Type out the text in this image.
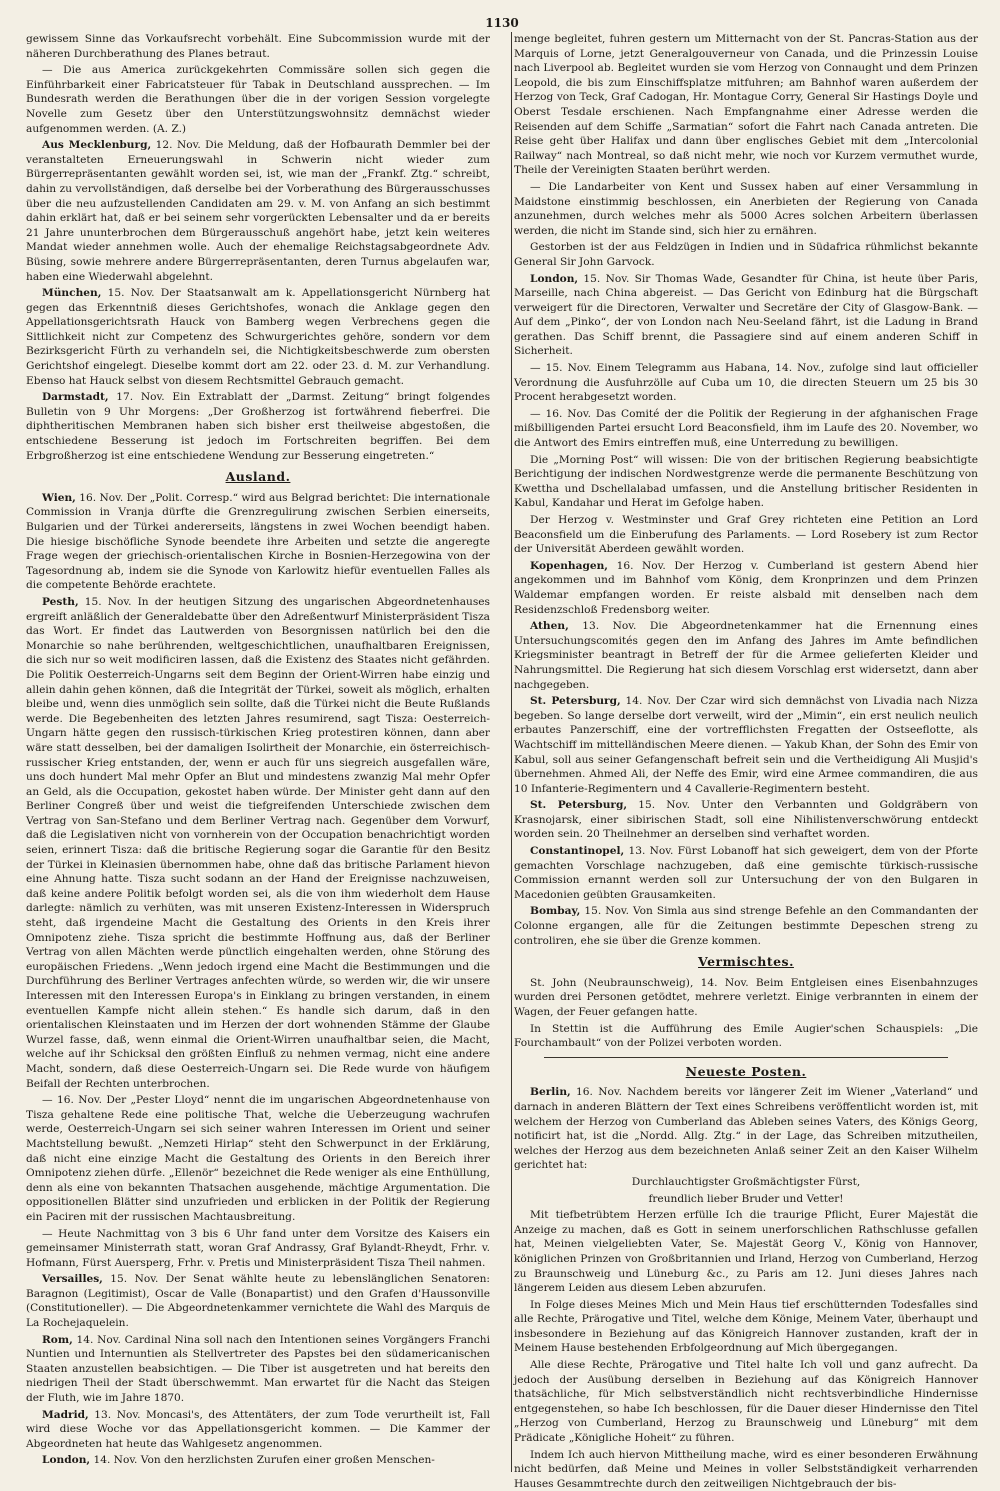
1130

gewissem Sinne das Vorkaufsrecht vorbehält. Eine Subcommission wurde mit der näheren Durchberathung des Planes betraut.

— Die aus America zurückgekehrten Commissäre sollen sich gegen die Einführbarkeit einer Fabricatsteuer für Tabak in Deutschland aussprechen. — Im Bundesrath werden die Berathungen über die in der vorigen Session vorgelegte Novelle zum Gesetz über den Unterstützungswohnsitz demnächst wieder aufgenommen werden. (A. Z.)

Aus Mecklenburg, 12. Nov. Die Meldung, daß der Hofbaurath Demmler bei der veranstalteten Erneuerungswahl in Schwerin nicht wieder zum Bürgerrepräsentanten gewählt worden sei, ist, wie man der „Frankf. Ztg.“ schreibt, dahin zu vervollständigen, daß derselbe bei der Vorberathung des Bürgerausschusses über die neu aufzustellenden Candidaten am 29. v. M. von Anfang an sich bestimmt dahin erklärt hat, daß er bei seinem sehr vorgerückten Lebensalter und da er bereits 21 Jahre ununterbrochen dem Bürgerausschuß angehört habe, jetzt kein weiteres Mandat wieder annehmen wolle. Auch der ehemalige Reichstagsabgeordnete Adv. Büsing, sowie mehrere andere Bürgerrepräsentanten, deren Turnus abgelaufen war, haben eine Wiederwahl abgelehnt.

München, 15. Nov. Der Staatsanwalt am k. Appellationsgericht Nürnberg hat gegen das Erkenntniß dieses Gerichtshofes, wonach die Anklage gegen den Appellationsgerichtsrath Hauck von Bamberg wegen Verbrechens gegen die Sittlichkeit nicht zur Competenz des Schwurgerichtes gehöre, sondern vor dem Bezirksgericht Fürth zu verhandeln sei, die Nichtigkeitsbeschwerde zum obersten Gerichtshof eingelegt. Dieselbe kommt dort am 22. oder 23. d. M. zur Verhandlung. Ebenso hat Hauck selbst von diesem Rechtsmittel Gebrauch gemacht.

Darmstadt, 17. Nov. Ein Extrablatt der „Darmst. Zeitung“ bringt folgendes Bulletin von 9 Uhr Morgens: „Der Großherzog ist fortwährend fieberfrei. Die diphtheritischen Membranen haben sich bisher erst theilweise abgestoßen, die entschiedene Besserung ist jedoch im Fortschreiten begriffen. Bei dem Erbgroßherzog ist eine entschiedene Wendung zur Besserung eingetreten.“

Ausland.

Wien, 16. Nov. Der „Polit. Corresp.“ wird aus Belgrad berichtet: Die internationale Commission in Vranja dürfte die Grenzregulirung zwischen Serbien einerseits, Bulgarien und der Türkei andererseits, längstens in zwei Wochen beendigt haben. Die hiesige bischöfliche Synode beendete ihre Arbeiten und setzte die angeregte Frage wegen der griechisch-orientalischen Kirche in Bosnien-Herzegowina von der Tagesordnung ab, indem sie die Synode von Karlowitz hiefür eventuellen Falles als die competente Behörde erachtete.

Pesth, 15. Nov. In der heutigen Sitzung des ungarischen Abgeordnetenhauses ergreift anläßlich der Generaldebatte über den Adreßentwurf Ministerpräsident Tisza das Wort. Er findet das Lautwerden von Besorgnissen natürlich bei den die Monarchie so nahe berührenden, weltgeschichtlichen, unaufhaltbaren Ereignissen, die sich nur so weit modificiren lassen, daß die Existenz des Staates nicht gefährden. Die Politik Oesterreich-Ungarns seit dem Beginn der Orient-Wirren habe einzig und allein dahin gehen können, daß die Integrität der Türkei, soweit als möglich, erhalten bleibe und, wenn dies unmöglich sein sollte, daß die Türkei nicht die Beute Rußlands werde. Die Begebenheiten des letzten Jahres resumirend, sagt Tisza: Oesterreich-Ungarn hätte gegen den russisch-türkischen Krieg protestiren können, dann aber wäre statt desselben, bei der damaligen Isolirtheit der Monarchie, ein österreichisch-russischer Krieg entstanden, der, wenn er auch für uns siegreich ausgefallen wäre, uns doch hundert Mal mehr Opfer an Blut und mindestens zwanzig Mal mehr Opfer an Geld, als die Occupation, gekostet haben würde. Der Minister geht dann auf den Berliner Congreß über und weist die tiefgreifenden Unterschiede zwischen dem Vertrag von San-Stefano und dem Berliner Vertrag nach. Gegenüber dem Vorwurf, daß die Legislativen nicht von vornherein von der Occupation benachrichtigt worden seien, erinnert Tisza: daß die britische Regierung sogar die Garantie für den Besitz der Türkei in Kleinasien übernommen habe, ohne daß das britische Parlament hievon eine Ahnung hatte. Tisza sucht sodann an der Hand der Ereignisse nachzuweisen, daß keine andere Politik befolgt worden sei, als die von ihm wiederholt dem Hause darlegte: nämlich zu verhüten, was mit unseren Existenz-Interessen in Widerspruch steht, daß irgendeine Macht die Gestaltung des Orients in den Kreis ihrer Omnipotenz ziehe. Tisza spricht die bestimmte Hoffnung aus, daß der Berliner Vertrag von allen Mächten werde pünctlich eingehalten werden, ohne Störung des europäischen Friedens. „Wenn jedoch irgend eine Macht die Bestimmungen und die Durchführung des Berliner Vertrages anfechten würde, so werden wir, die wir unsere Interessen mit den Interessen Europa's in Einklang zu bringen verstanden, in einem eventuellen Kampfe nicht allein stehen.“ Es handle sich darum, daß in den orientalischen Kleinstaaten und im Herzen der dort wohnenden Stämme der Glaube Wurzel fasse, daß, wenn einmal die Orient-Wirren unaufhaltbar seien, die Macht, welche auf ihr Schicksal den größten Einfluß zu nehmen vermag, nicht eine andere Macht, sondern, daß diese Oesterreich-Ungarn sei. Die Rede wurde von häufigem Beifall der Rechten unterbrochen.

— 16. Nov. Der „Pester Lloyd“ nennt die im ungarischen Abgeordnetenhause von Tisza gehaltene Rede eine politische That, welche die Ueberzeugung wachrufen werde, Oesterreich-Ungarn sei sich seiner wahren Interessen im Orient und seiner Machtstellung bewußt. „Nemzeti Hirlap“ steht den Schwerpunct in der Erklärung, daß nicht eine einzige Macht die Gestaltung des Orients in den Bereich ihrer Omnipotenz ziehen dürfe. „Ellenör“ bezeichnet die Rede weniger als eine Enthüllung, denn als eine von bekannten Thatsachen ausgehende, mächtige Argumentation. Die oppositionellen Blätter sind unzufrieden und erblicken in der Politik der Regierung ein Paciren mit der russischen Machtausbreitung.

— Heute Nachmittag von 3 bis 6 Uhr fand unter dem Vorsitze des Kaisers ein gemeinsamer Ministerrath statt, woran Graf Andrassy, Graf Bylandt-Rheydt, Frhr. v. Hofmann, Fürst Auersperg, Frhr. v. Pretis und Ministerpräsident Tisza Theil nahmen.

Versailles, 15. Nov. Der Senat wählte heute zu lebenslänglichen Senatoren: Baragnon (Legitimist), Oscar de Valle (Bonapartist) und den Grafen d'Haussonville (Constitutioneller). — Die Abgeordnetenkammer vernichtete die Wahl des Marquis de La Rochejaquelein.

Rom, 14. Nov. Cardinal Nina soll nach den Intentionen seines Vorgängers Franchi Nuntien und Internuntien als Stellvertreter des Papstes bei den südamericanischen Staaten anzustellen beabsichtigen. — Die Tiber ist ausgetreten und hat bereits den niedrigen Theil der Stadt überschwemmt. Man erwartet für die Nacht das Steigen der Fluth, wie im Jahre 1870.

Madrid, 13. Nov. Moncasi's, des Attentäters, der zum Tode verurtheilt ist, Fall wird diese Woche vor das Appellationsgericht kommen. — Die Kammer der Abgeordneten hat heute das Wahlgesetz angenommen.

London, 14. Nov. Von den herzlichsten Zurufen einer großen Menschen-

menge begleitet, fuhren gestern um Mitternacht von der St. Pancras-Station aus der Marquis of Lorne, jetzt Generalgouverneur von Canada, und die Prinzessin Louise nach Liverpool ab. Begleitet wurden sie vom Herzog von Connaught und dem Prinzen Leopold, die bis zum Einschiffsplatze mitfuhren; am Bahnhof waren außerdem der Herzog von Teck, Graf Cadogan, Hr. Montague Corry, General Sir Hastings Doyle und Oberst Tesdale erschienen. Nach Empfangnahme einer Adresse werden die Reisenden auf dem Schiffe „Sarmatian“ sofort die Fahrt nach Canada antreten. Die Reise geht über Halifax und dann über englisches Gebiet mit dem „Intercolonial Railway“ nach Montreal, so daß nicht mehr, wie noch vor Kurzem vermuthet wurde, Theile der Vereinigten Staaten berührt werden.

— Die Landarbeiter von Kent und Sussex haben auf einer Versammlung in Maidstone einstimmig beschlossen, ein Anerbieten der Regierung von Canada anzunehmen, durch welches mehr als 5000 Acres solchen Arbeitern überlassen werden, die nicht im Stande sind, sich hier zu ernähren.

Gestorben ist der aus Feldzügen in Indien und in Südafrica rühmlichst bekannte General Sir John Garvock.

London, 15. Nov. Sir Thomas Wade, Gesandter für China, ist heute über Paris, Marseille, nach China abgereist. — Das Gericht von Edinburg hat die Bürgschaft verweigert für die Directoren, Verwalter und Secretäre der City of Glasgow-Bank. — Auf dem „Pinko“, der von London nach Neu-Seeland fährt, ist die Ladung in Brand gerathen. Das Schiff brennt, die Passagiere sind auf einem anderen Schiff in Sicherheit.

— 15. Nov. Einem Telegramm aus Habana, 14. Nov., zufolge sind laut officieller Verordnung die Ausfuhrzölle auf Cuba um 10, die directen Steuern um 25 bis 30 Procent herabgesetzt worden.

— 16. Nov. Das Comité der die Politik der Regierung in der afghanischen Frage mißbilligenden Partei ersucht Lord Beaconsfield, ihm im Laufe des 20. November, wo die Antwort des Emirs eintreffen muß, eine Unterredung zu bewilligen.

Die „Morning Post“ will wissen: Die von der britischen Regierung beabsichtigte Berichtigung der indischen Nordwestgrenze werde die permanente Beschützung von Kwettha und Dschellalabad umfassen, und die Anstellung britischer Residenten in Kabul, Kandahar und Herat im Gefolge haben.

Der Herzog v. Westminster und Graf Grey richteten eine Petition an Lord Beaconsfield um die Einberufung des Parlaments. — Lord Rosebery ist zum Rector der Universität Aberdeen gewählt worden.

Kopenhagen, 16. Nov. Der Herzog v. Cumberland ist gestern Abend hier angekommen und im Bahnhof vom König, dem Kronprinzen und dem Prinzen Waldemar empfangen worden. Er reiste alsbald mit denselben nach dem Residenzschloß Fredensborg weiter.

Athen, 13. Nov. Die Abgeordnetenkammer hat die Ernennung eines Untersuchungscomités gegen den im Anfang des Jahres im Amte befindlichen Kriegsminister beantragt in Betreff der für die Armee gelieferten Kleider und Nahrungsmittel. Die Regierung hat sich diesem Vorschlag erst widersetzt, dann aber nachgegeben.

St. Petersburg, 14. Nov. Der Czar wird sich demnächst von Livadia nach Nizza begeben. So lange derselbe dort verweilt, wird der „Mimin“, ein erst neulich neulich erbautes Panzerschiff, eine der vortrefflichsten Fregatten der Ostseeflotte, als Wachtschiff im mittelländischen Meere dienen. — Yakub Khan, der Sohn des Emir von Kabul, soll aus seiner Gefangenschaft befreit sein und die Vertheidigung Ali Musjid's übernehmen. Ahmed Ali, der Neffe des Emir, wird eine Armee commandiren, die aus 10 Infanterie-Regimentern und 4 Cavallerie-Regimentern besteht.

St. Petersburg, 15. Nov. Unter den Verbannten und Goldgräbern von Krasnojarsk, einer sibirischen Stadt, soll eine Nihilistenverschwörung entdeckt worden sein. 20 Theilnehmer an derselben sind verhaftet worden.

Constantinopel, 13. Nov. Fürst Lobanoff hat sich geweigert, dem von der Pforte gemachten Vorschlage nachzugeben, daß eine gemischte türkisch-russische Commission ernannt werden soll zur Untersuchung der von den Bulgaren in Macedonien geübten Grausamkeiten.

Bombay, 15. Nov. Von Simla aus sind strenge Befehle an den Commandanten der Colonne ergangen, alle für die Zeitungen bestimmte Depeschen streng zu controliren, ehe sie über die Grenze kommen.

Vermischtes.

St. John (Neubraunschweig), 14. Nov. Beim Entgleisen eines Eisenbahnzuges wurden drei Personen getödtet, mehrere verletzt. Einige verbrannten in einem der Wagen, der Feuer gefangen hatte.

In Stettin ist die Aufführung des Emile Augier'schen Schauspiels: „Die Fourchambault“ von der Polizei verboten worden.

Neueste Posten.

Berlin, 16. Nov. Nachdem bereits vor längerer Zeit im Wiener „Vaterland“ und darnach in anderen Blättern der Text eines Schreibens veröffentlicht worden ist, mit welchem der Herzog von Cumberland das Ableben seines Vaters, des Königs Georg, notificirt hat, ist die „Nordd. Allg. Ztg.“ in der Lage, das Schreiben mitzutheilen, welches der Herzog aus dem bezeichneten Anlaß seiner Zeit an den Kaiser Wilhelm gerichtet hat:

Durchlauchtigster Großmächtigster Fürst,

freundlich lieber Bruder und Vetter!

Mit tiefbetrübtem Herzen erfülle Ich die traurige Pflicht, Eurer Majestät die Anzeige zu machen, daß es Gott in seinem unerforschlichen Rathschlusse gefallen hat, Meinen vielgeliebten Vater, Se. Majestät Georg V., König von Hannover, königlichen Prinzen von Großbritannien und Irland, Herzog von Cumberland, Herzog zu Braunschweig und Lüneburg &c., zu Paris am 12. Juni dieses Jahres nach längerem Leiden aus diesem Leben abzurufen.

In Folge dieses Meines Mich und Mein Haus tief erschütternden Todesfalles sind alle Rechte, Prärogative und Titel, welche dem Könige, Meinem Vater, überhaupt und insbesondere in Beziehung auf das Königreich Hannover zustanden, kraft der in Meinem Hause bestehenden Erbfolgeordnung auf Mich übergegangen.

Alle diese Rechte, Prärogative und Titel halte Ich voll und ganz aufrecht. Da jedoch der Ausübung derselben in Beziehung auf das Königreich Hannover thatsächliche, für Mich selbstverständlich nicht rechtsverbindliche Hindernisse entgegenstehen, so habe Ich beschlossen, für die Dauer dieser Hindernisse den Titel „Herzog von Cumberland, Herzog zu Braunschweig und Lüneburg“ mit dem Prädicate „Königliche Hoheit“ zu führen.

Indem Ich auch hiervon Mittheilung mache, wird es einer besonderen Erwähnung nicht bedürfen, daß Meine und Meines in voller Selbstständigkeit verharrenden Hauses Gesammtrechte durch den zeitweiligen Nichtgebrauch der bis-
